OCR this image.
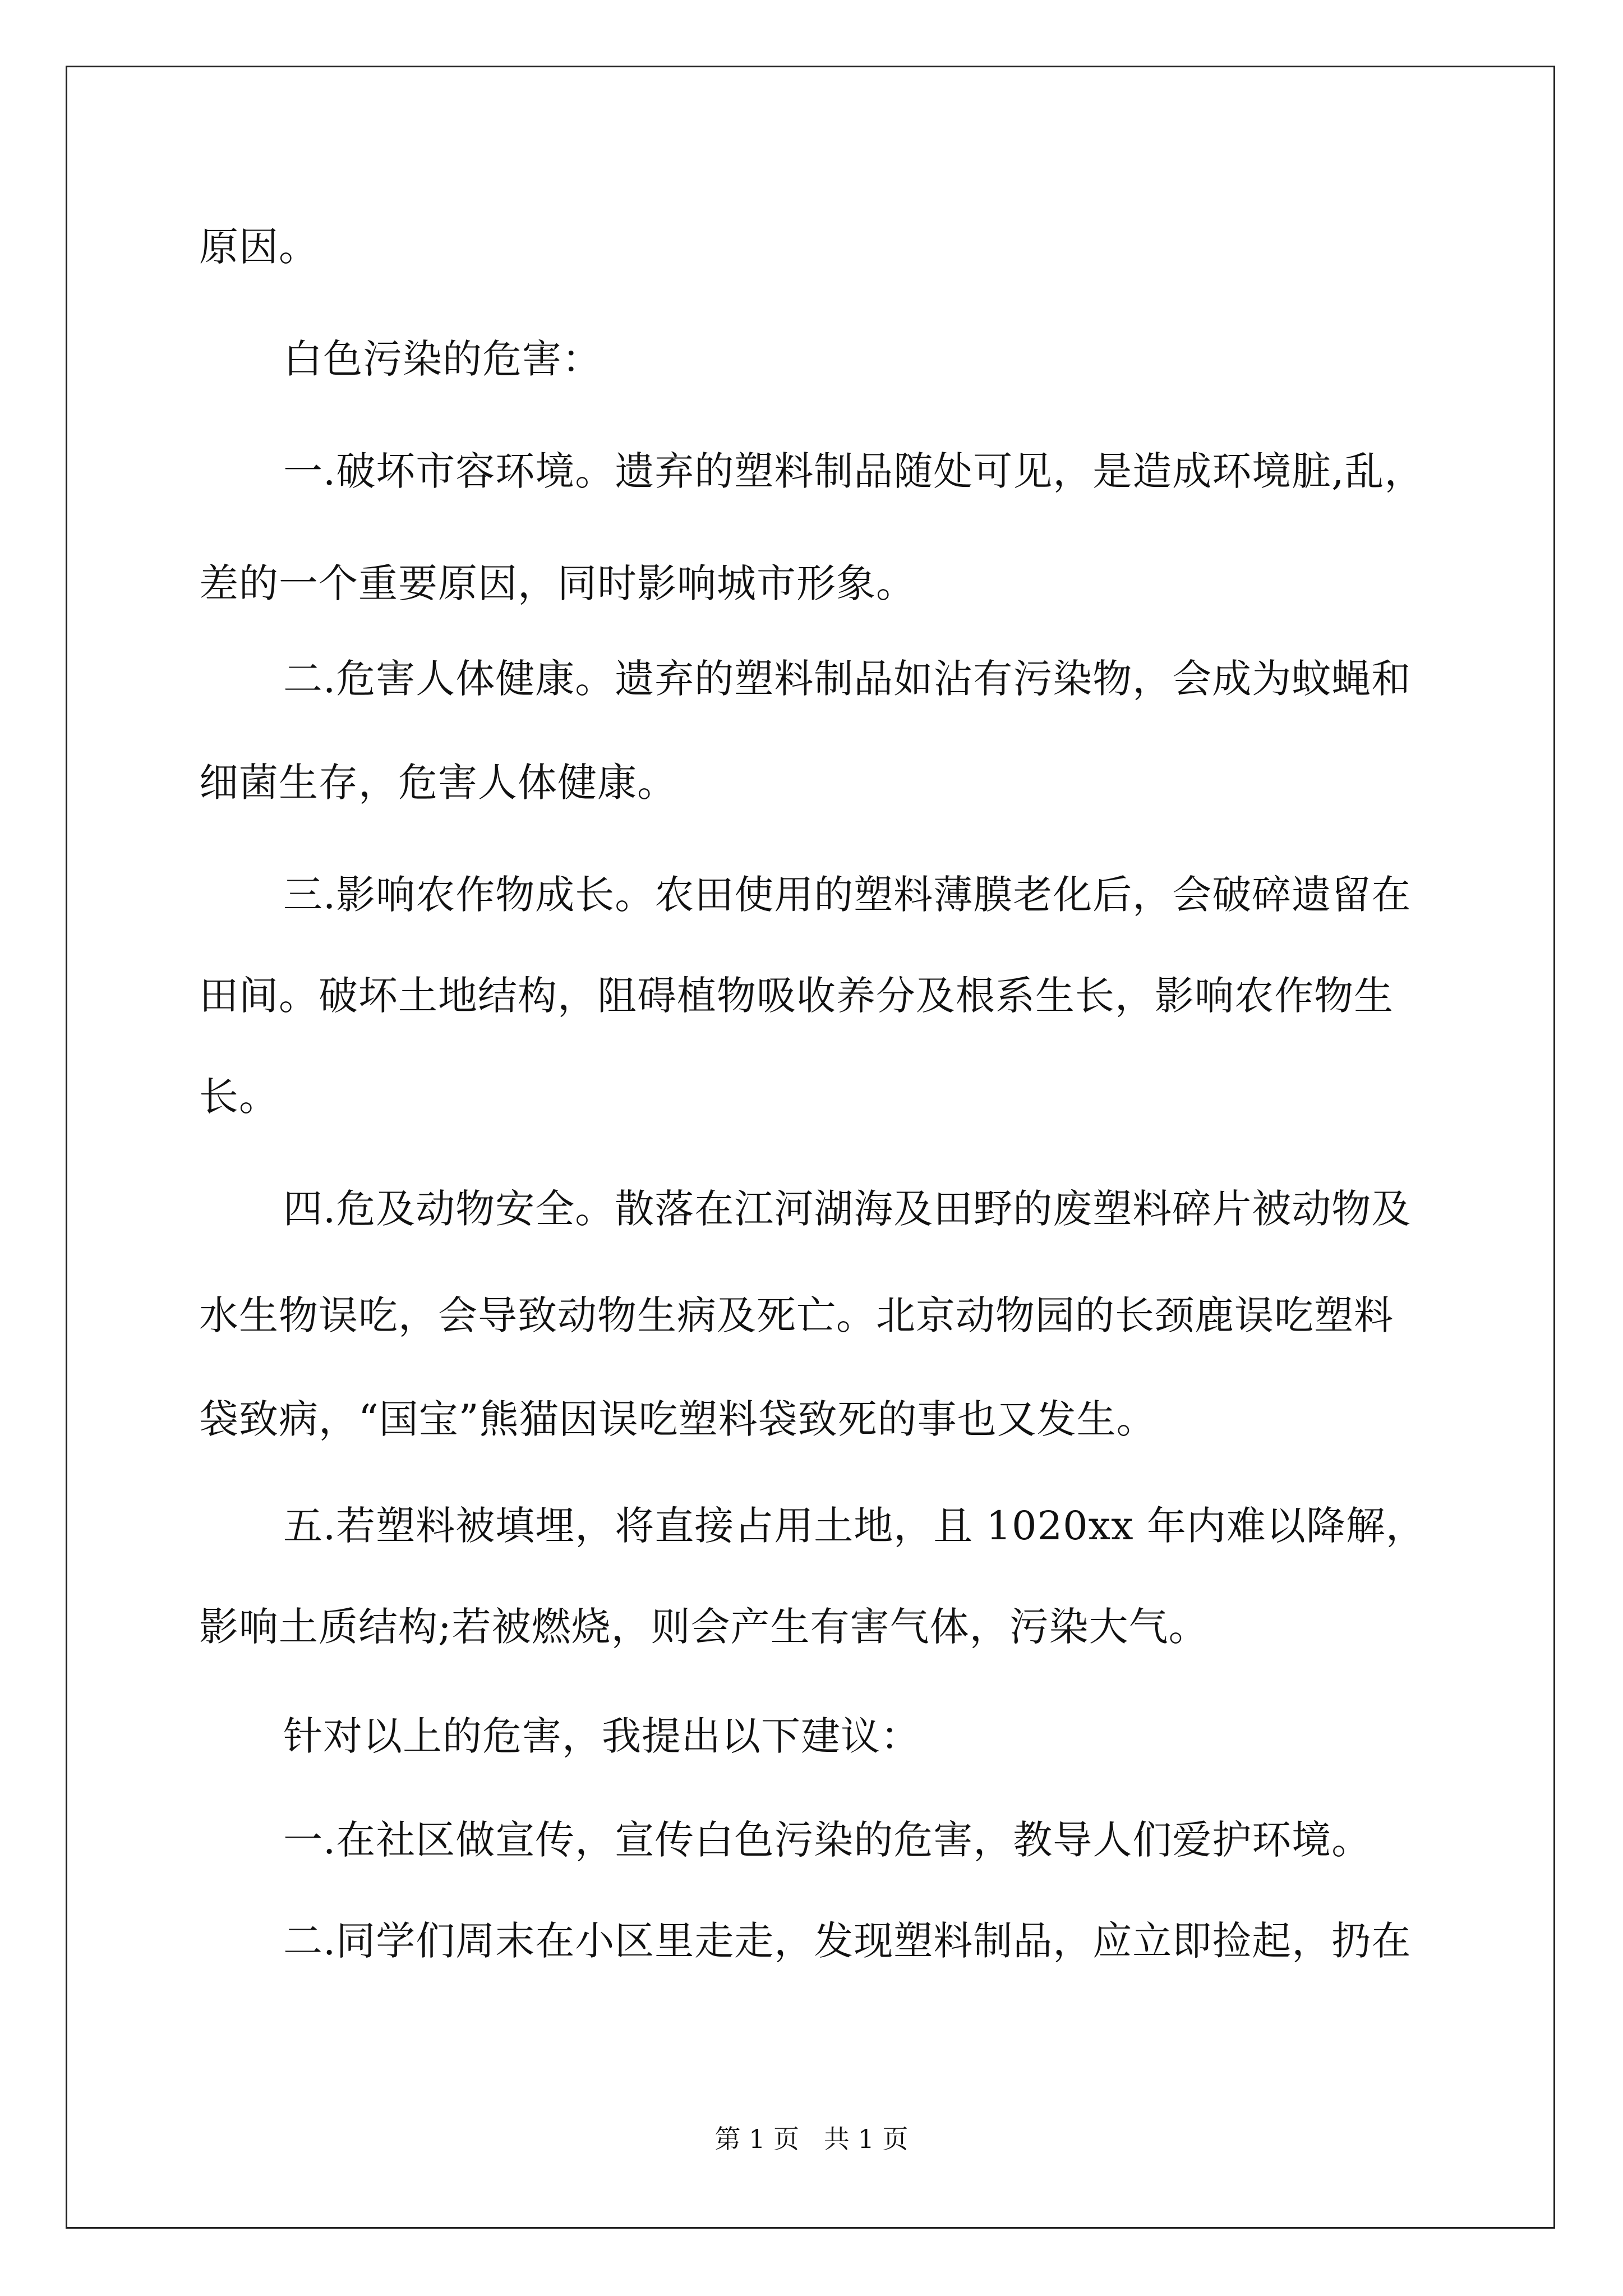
原因。
白色污染的危害：
一.破坏市容环境。遗弃的塑料制品随处可见，是造成环境脏,乱，
差的一个重要原因，同时影响城市形象。
二.危害人体健康。遗弃的塑料制品如沾有污染物，会成为蚊蝇和
细菌生存，危害人体健康。
三.影响农作物成长。农田使用的塑料薄膜老化后，会破碎遗留在
田间。破坏土地结构，阻碍植物吸收养分及根系生长，影响农作物生
长。
四.危及动物安全。散落在江河湖海及田野的废塑料碎片被动物及
水生物误吃，会导致动物生病及死亡。北京动物园的长颈鹿误吃塑料
袋致病，“国宝”熊猫因误吃塑料袋致死的事也又发生。
五.若塑料被填埋，将直接占用土地，且 1020xx 年内难以降解，
影响土质结构;若被燃烧，则会产生有害气体，污染大气。
针对以上的危害，我提出以下建议：
一.在社区做宣传，宣传白色污染的危害，教导人们爱护环境。
二.同学们周末在小区里走走，发现塑料制品，应立即捡起，扔在
第 1 页   共 1 页
